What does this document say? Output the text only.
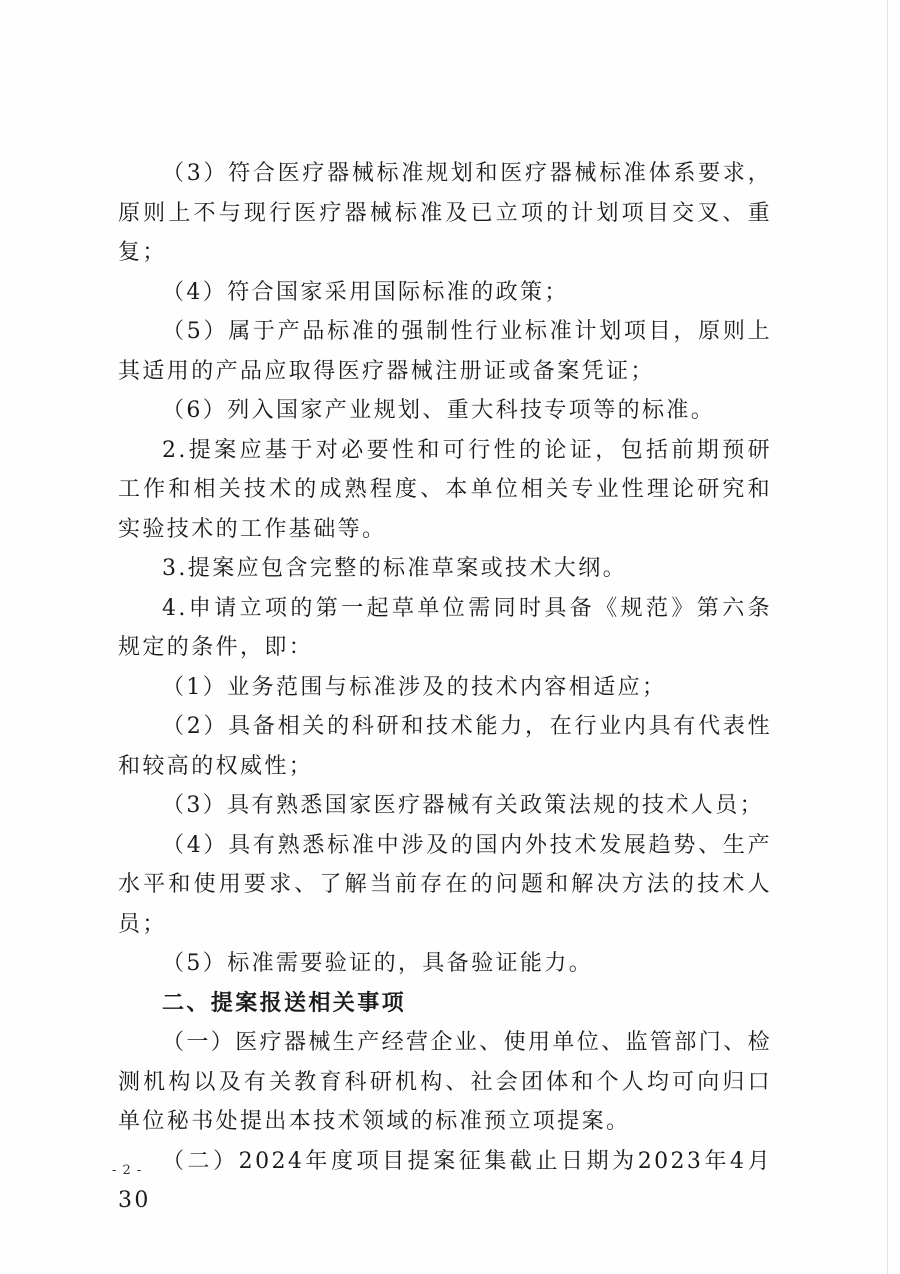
（3）符合医疗器械标准规划和医疗器械标准体系要求，原则上不与现行医疗器械标准及已立项的计划项目交叉、重复；

（4）符合国家采用国际标准的政策；

（5）属于产品标准的强制性行业标准计划项目，原则上其适用的产品应取得医疗器械注册证或备案凭证；

（6）列入国家产业规划、重大科技专项等的标准。

2.提案应基于对必要性和可行性的论证，包括前期预研工作和相关技术的成熟程度、本单位相关专业性理论研究和实验技术的工作基础等。

3.提案应包含完整的标准草案或技术大纲。

4.申请立项的第一起草单位需同时具备《规范》第六条规定的条件，即：

（1）业务范围与标准涉及的技术内容相适应；

（2）具备相关的科研和技术能力，在行业内具有代表性和较高的权威性；

（3）具有熟悉国家医疗器械有关政策法规的技术人员；

（4）具有熟悉标准中涉及的国内外技术发展趋势、生产水平和使用要求、了解当前存在的问题和解决方法的技术人员；

（5）标准需要验证的，具备验证能力。

二、提案报送相关事项

（一）医疗器械生产经营企业、使用单位、监管部门、检测机构以及有关教育科研机构、社会团体和个人均可向归口单位秘书处提出本技术领域的标准预立项提案。

（二）2024年度项目提案征集截止日期为2023年4月30

- 2 -
